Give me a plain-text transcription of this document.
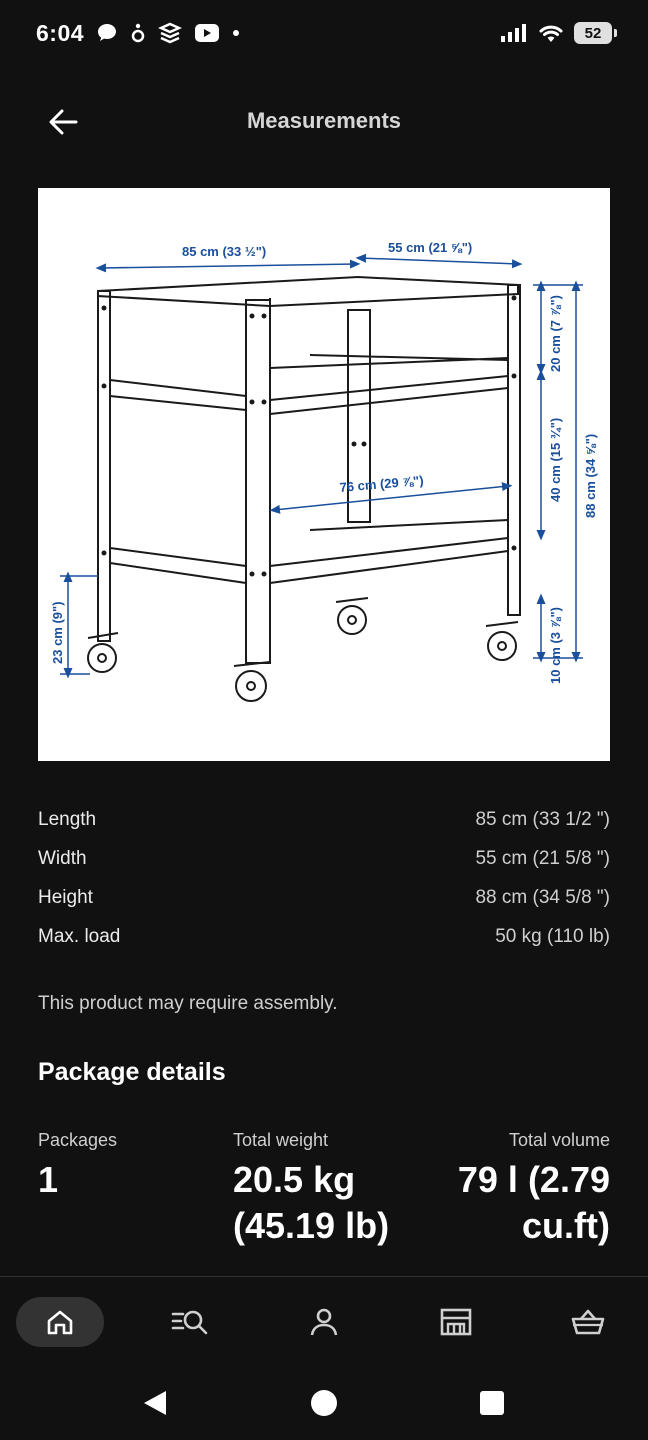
6:04	52
Measurements
85 cm (33 ½")	55 cm (21 ⅝")
76 cm (29 ⅞")
20 cm (7 ⅞")
40 cm (15 ¾") 88 cm (34 ⅝")
10 cm (3 ⅞")
23 cm (9")
Length	85 cm (33 1/2 ")
Width	55 cm (21 5/8 ")
Height	88 cm (34 5/8 ")
Max. load	50 kg (110 lb)
This product may require assembly.
Package details
Packages
1
Total weight
20.5 kg
(45.19 lb)
Total volume
79 l (2.79
cu.ft)
